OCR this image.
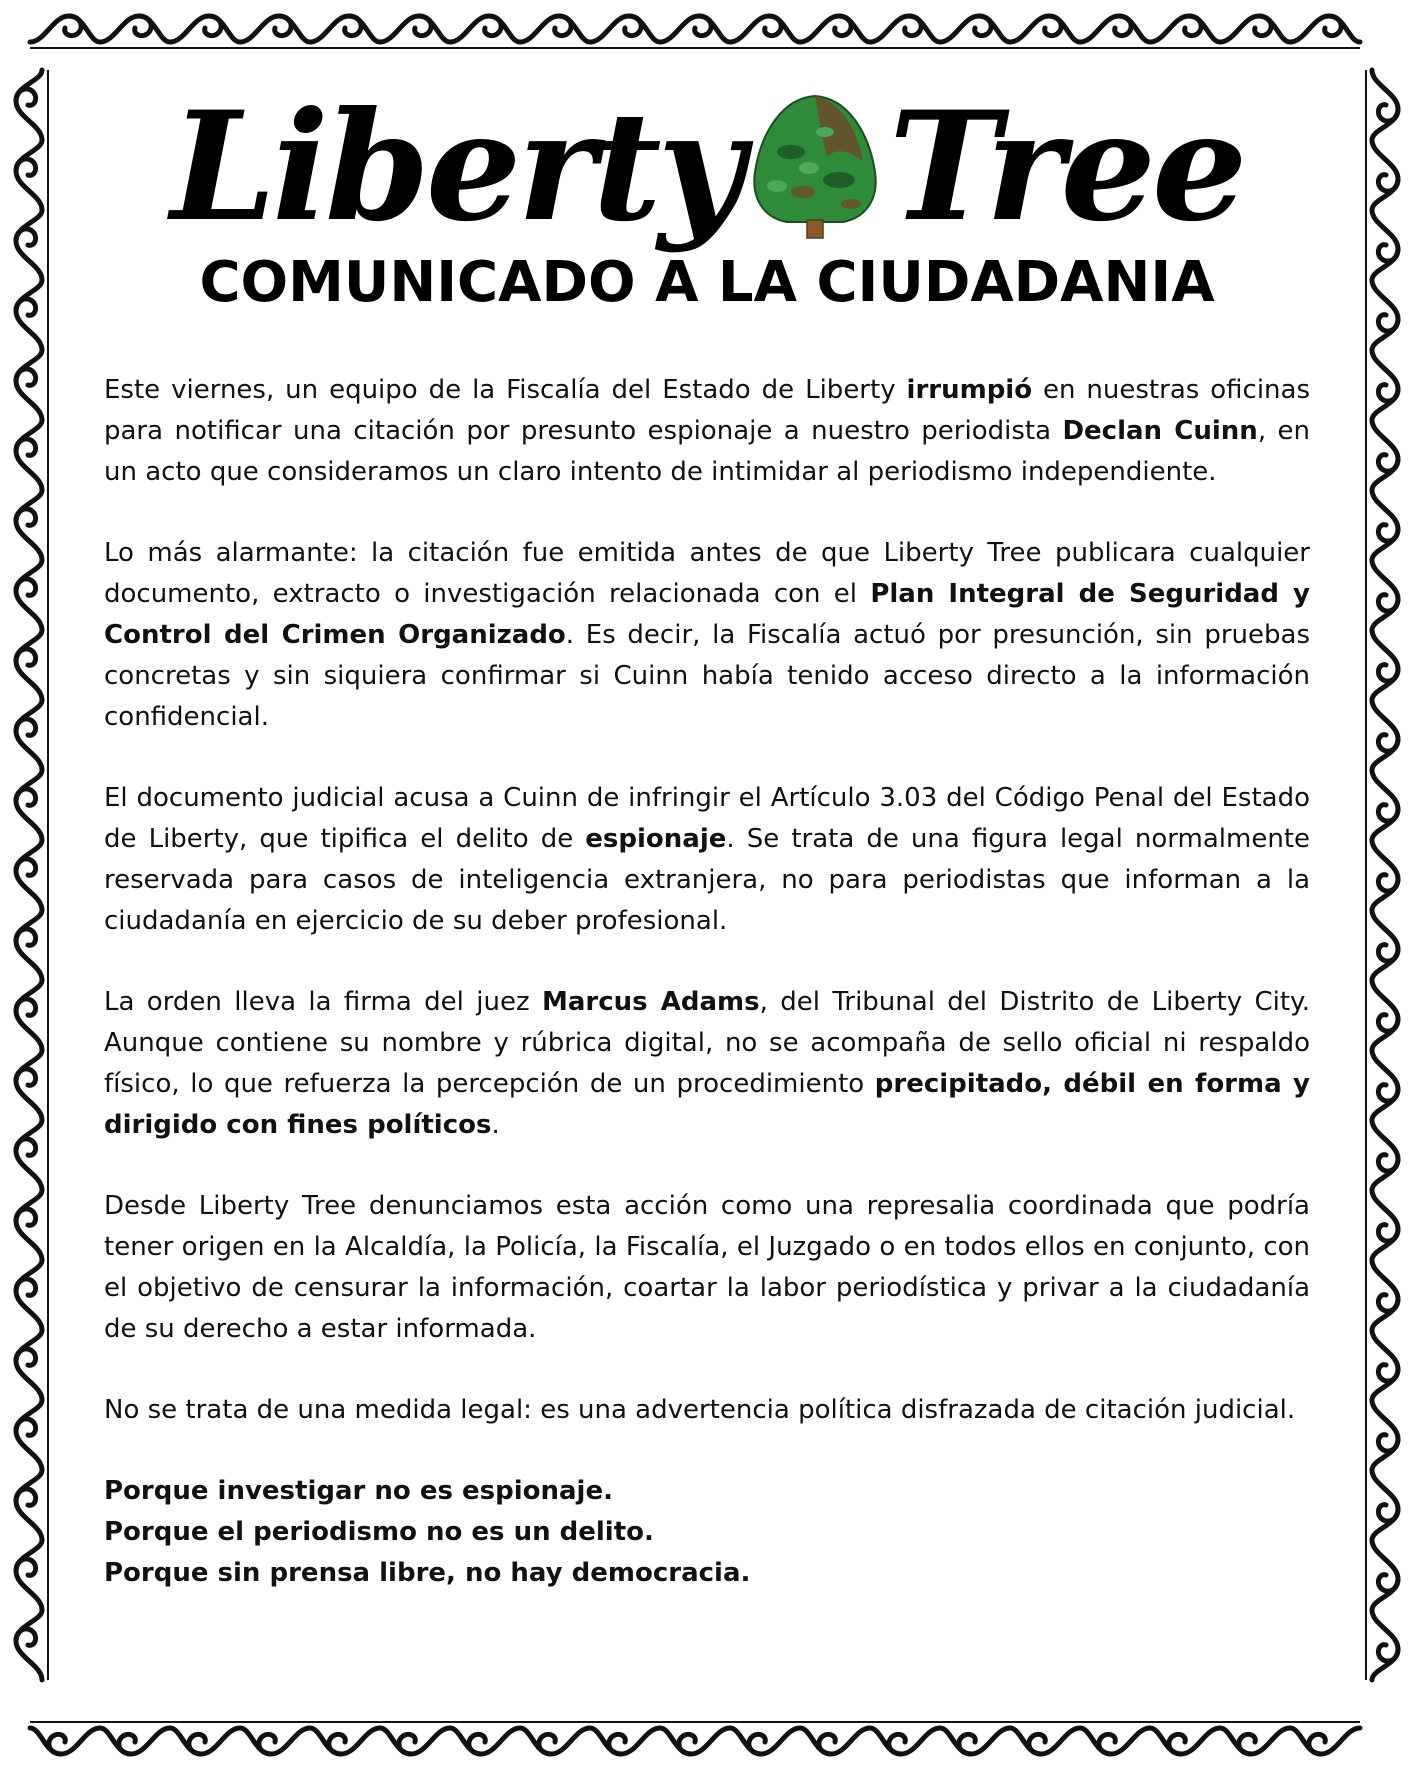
Liberty Tree
COMUNICADO A LA CIUDADANIA

Este viernes, un equipo de la Fiscalía del Estado de Liberty irrumpió en nuestras oficinas para notificar una citación por presunto espionaje a nuestro periodista Declan Cuinn, en un acto que consideramos un claro intento de intimidar al periodismo independiente.

Lo más alarmante: la citación fue emitida antes de que Liberty Tree publicara cualquier documento, extracto o investigación relacionada con el Plan Integral de Seguridad y Control del Crimen Organizado. Es decir, la Fiscalía actuó por presunción, sin pruebas concretas y sin siquiera confirmar si Cuinn había tenido acceso directo a la información confidencial.

El documento judicial acusa a Cuinn de infringir el Artículo 3.03 del Código Penal del Estado de Liberty, que tipifica el delito de espionaje. Se trata de una figura legal normalmente reservada para casos de inteligencia extranjera, no para periodistas que informan a la ciudadanía en ejercicio de su deber profesional.

La orden lleva la firma del juez Marcus Adams, del Tribunal del Distrito de Liberty City. Aunque contiene su nombre y rúbrica digital, no se acompaña de sello oficial ni respaldo físico, lo que refuerza la percepción de un procedimiento precipitado, débil en forma y dirigido con fines políticos.

Desde Liberty Tree denunciamos esta acción como una represalia coordinada que podría tener origen en la Alcaldía, la Policía, la Fiscalía, el Juzgado o en todos ellos en conjunto, con el objetivo de censurar la información, coartar la labor periodística y privar a la ciudadanía de su derecho a estar informada.

No se trata de una medida legal: es una advertencia política disfrazada de citación judicial.

Porque investigar no es espionaje.

Porque el periodismo no es un delito.

Porque sin prensa libre, no hay democracia.
